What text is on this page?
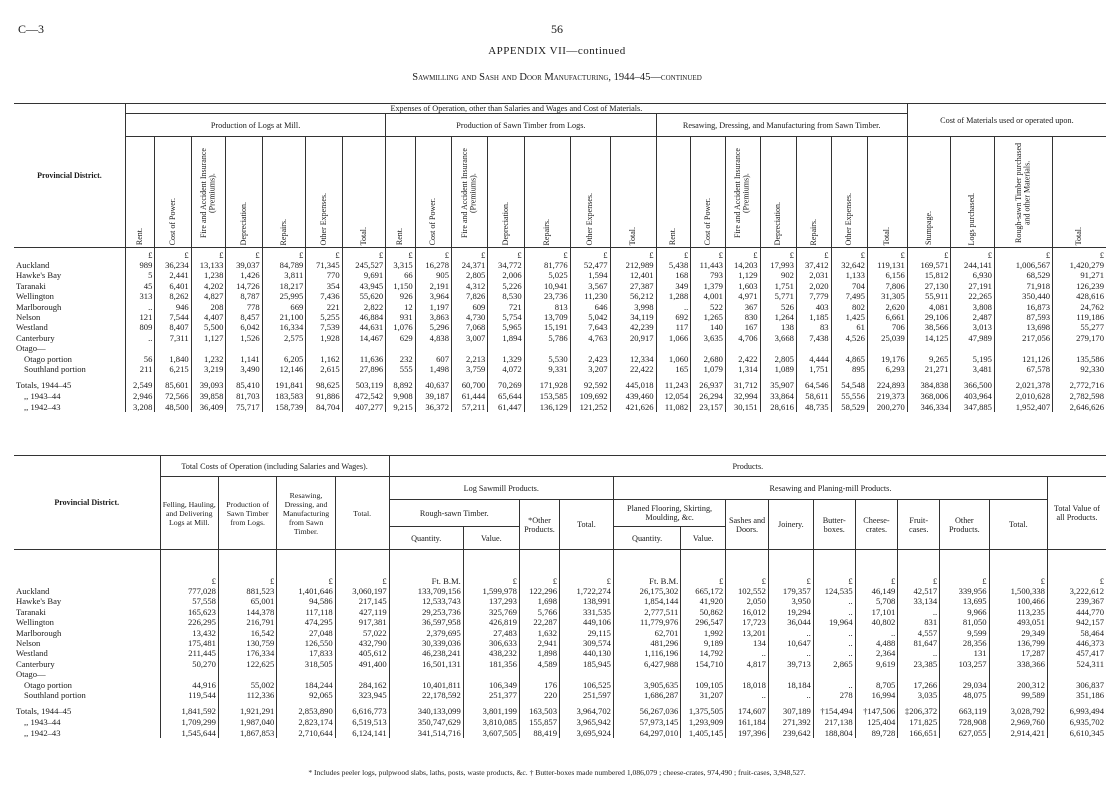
C—3	56
APPENDIX VII—continued
Sawmilling and Sash and Door Manufacturing, 1944–45—continued
Provincial District.	Expenses of Operation, other than Salaries and Wages and Cost of Materials.																					Cost of Materials used or operated upon.			
	Production of Logs at Mill.							Production of Sawn Timber from Logs.							Resawing, Dressing, and Manufacturing from Sawn Timber.										
	Rent.	Cost of Power.	Fire and Accident Insurance (Premiums).	Depreciation.	Repairs.	Other Expenses.	Total.	Rent.	Cost of Power.	Fire and Accident Insurance (Premiums).	Depreciation.	Repairs.	Other Expenses.	Total.	Rent.	Cost of Power.	Fire and Accident Insurance (Premiums).	Depreciation.	Repairs.	Other Expenses.	Total.	Stumpage.	Logs purchased.	Rough-sawn Timber purchased and other Materials.	Total.
	£	£	£	£	£	£	£	£	£	£	£	£	£	£	£	£	£	£	£	£	£	£	£	£	£
Auckland	989	36,234	13,133	39,037	84,789	71,345	245,527	3,315	16,278	24,371	34,772	81,776	52,477	212,989	5,438	11,443	14,203	17,993	37,412	32,642	119,131	169,571	244,141	1,006,567	1,420,279
Hawke's Bay	5	2,441	1,238	1,426	3,811	770	9,691	66	905	2,805	2,006	5,025	1,594	12,401	168	793	1,129	902	2,031	1,133	6,156	15,812	6,930	68,529	91,271
Taranaki	45	6,401	4,202	14,726	18,217	354	43,945	1,150	2,191	4,312	5,226	10,941	3,567	27,387	349	1,379	1,603	1,751	2,020	704	7,806	27,130	27,191	71,918	126,239
Wellington	313	8,262	4,827	8,787	25,995	7,436	55,620	926	3,964	7,826	8,530	23,736	11,230	56,212	1,288	4,001	4,971	5,771	7,779	7,495	31,305	55,911	22,265	350,440	428,616
Marlborough	..	946	208	778	669	221	2,822	12	1,197	609	721	813	646	3,998	..	522	367	526	403	802	2,620	4,081	3,808	16,873	24,762
Nelson	121	7,544	4,407	8,457	21,100	5,255	46,884	931	3,863	4,730	5,754	13,709	5,042	34,119	692	1,265	830	1,264	1,185	1,425	6,661	29,106	2,487	87,593	119,186
Westland	809	8,407	5,500	6,042	16,334	7,539	44,631	1,076	5,296	7,068	5,965	15,191	7,643	42,239	117	140	167	138	83	61	706	38,566	3,013	13,698	55,277
Canterbury	..	7,311	1,127	1,526	2,575	1,928	14,467	629	4,838	3,007	1,894	5,786	4,763	20,917	1,066	3,635	4,706	3,668	7,438	4,526	25,039	14,125	47,989	217,056	279,170
Otago—																									
Otago portion	56	1,840	1,232	1,141	6,205	1,162	11,636	232	607	2,213	1,329	5,530	2,423	12,334	1,060	2,680	2,422	2,805	4,444	4,865	19,176	9,265	5,195	121,126	135,586
Southland portion	211	6,215	3,219	3,490	12,146	2,615	27,896	555	1,498	3,759	4,072	9,331	3,207	22,422	165	1,079	1,314	1,089	1,751	895	6,293	21,271	3,481	67,578	92,330

Totals, 1944–45	2,549	85,601	39,093	85,410	191,841	98,625	503,119	8,892	40,637	60,700	70,269	171,928	92,592	445,018	11,243	26,937	31,712	35,907	64,546	54,548	224,893	384,838	366,500	2,021,378	2,772,716
,, 1943–44	2,946	72,566	39,858	81,703	183,583	91,886	472,542	9,908	39,187	61,444	65,644	153,585	109,692	439,460	12,054	26,294	32,994	33,864	58,611	55,556	219,373	368,006	403,964	2,010,628	2,782,598
,, 1942–43	3,208	48,500	36,409	75,717	158,739	84,704	407,277	9,215	36,372	57,211	61,447	136,129	121,252	421,626	11,082	23,157	30,151	28,616	48,735	58,529	200,270	346,334	347,885	1,952,407	2,646,626
Provincial District.	Total Costs of Operation (including Salaries and Wages).				Products.													
	Felling, Hauling, and Delivering Logs at Mill.	Production of Sawn Timber from Logs.	Resawing, Dressing, and Manufacturing from Sawn Timber.	Total.	Log Sawmill Products.				Resawing and Planing-mill Products.									Total Value of all Products.
					Rough-sawn Timber.		*Other Products.	Total.	Planed Flooring, Skirting, Moulding, &c.		Sashes and Doors.	Joinery.	Butter-boxes.	Cheese-crates.	Fruit-cases.	Other Products.	Total.	
					Quantity.	Value.			Quantity.	Value.								
	£	£	£	£	Ft. B.M.	£	£	£	Ft. B.M.	£	£	£	£	£	£	£	£	£
Auckland	777,028	881,523	1,401,646	3,060,197	133,709,156	1,599,978	122,296	1,722,274	26,175,302	665,172	102,552	179,357	124,535	46,149	42,517	339,956	1,500,338	3,222,612
Hawke's Bay	57,558	65,001	94,586	217,145	12,533,743	137,293	1,698	138,991	1,854,144	41,920	2,050	3,950	..	5,708	33,134	13,695	100,466	239,367
Taranaki	165,623	144,378	117,118	427,119	29,253,736	325,769	5,766	331,535	2,777,511	50,862	16,012	19,294	..	17,101	..	9,966	113,235	444,770
Wellington	226,295	216,791	474,295	917,381	36,597,958	426,819	22,287	449,106	11,779,976	296,547	17,723	36,044	19,964	40,802	831	81,050	493,051	942,157
Marlborough	13,432	16,542	27,048	57,022	2,379,695	27,483	1,632	29,115	62,701	1,992	13,201	..	..	..	4,557	9,599	29,349	58,464
Nelson	175,481	130,759	126,550	432,790	30,339,036	306,633	2,941	309,574	481,296	9,189	134	10,647	..	4,488	81,647	28,356	136,799	446,373
Westland	211,445	176,334	17,833	405,612	46,238,241	438,232	1,898	440,130	1,116,196	14,792	..	..	..	2,364	..	131	17,287	457,417
Canterbury	50,270	122,625	318,505	491,400	16,501,131	181,356	4,589	185,945	6,427,988	154,710	4,817	39,713	2,865	9,619	23,385	103,257	338,366	524,311
Otago—																		
Otago portion	44,916	55,002	184,244	284,162	10,401,811	106,349	176	106,525	3,905,635	109,105	18,018	18,184	..	8,705	17,266	29,034	200,312	306,837
Southland portion	119,544	112,336	92,065	323,945	22,178,592	251,377	220	251,597	1,686,287	31,207	..	..	278	16,994	3,035	48,075	99,589	351,186

Totals, 1944–45	1,841,592	1,921,291	2,853,890	6,616,773	340,133,099	3,801,199	163,503	3,964,702	56,267,036	1,375,505	174,607	307,189	†154,494	†147,506	‡206,372	663,119	3,028,792	6,993,494
,, 1943–44	1,709,299	1,987,040	2,823,174	6,519,513	350,747,629	3,810,085	155,857	3,965,942	57,973,145	1,293,909	161,184	271,392	217,138	125,404	171,825	728,908	2,969,760	6,935,702
,, 1942–43	1,545,644	1,867,853	2,710,644	6,124,141	341,514,716	3,607,505	88,419	3,695,924	64,297,010	1,405,145	197,396	239,642	188,804	89,728	166,651	627,055	2,914,421	6,610,345
* Includes peeler logs, pulpwood slabs, laths, posts, waste products, &c. † Butter-boxes made numbered 1,086,079 ; cheese-crates, 974,490 ; fruit-cases, 3,948,527.
